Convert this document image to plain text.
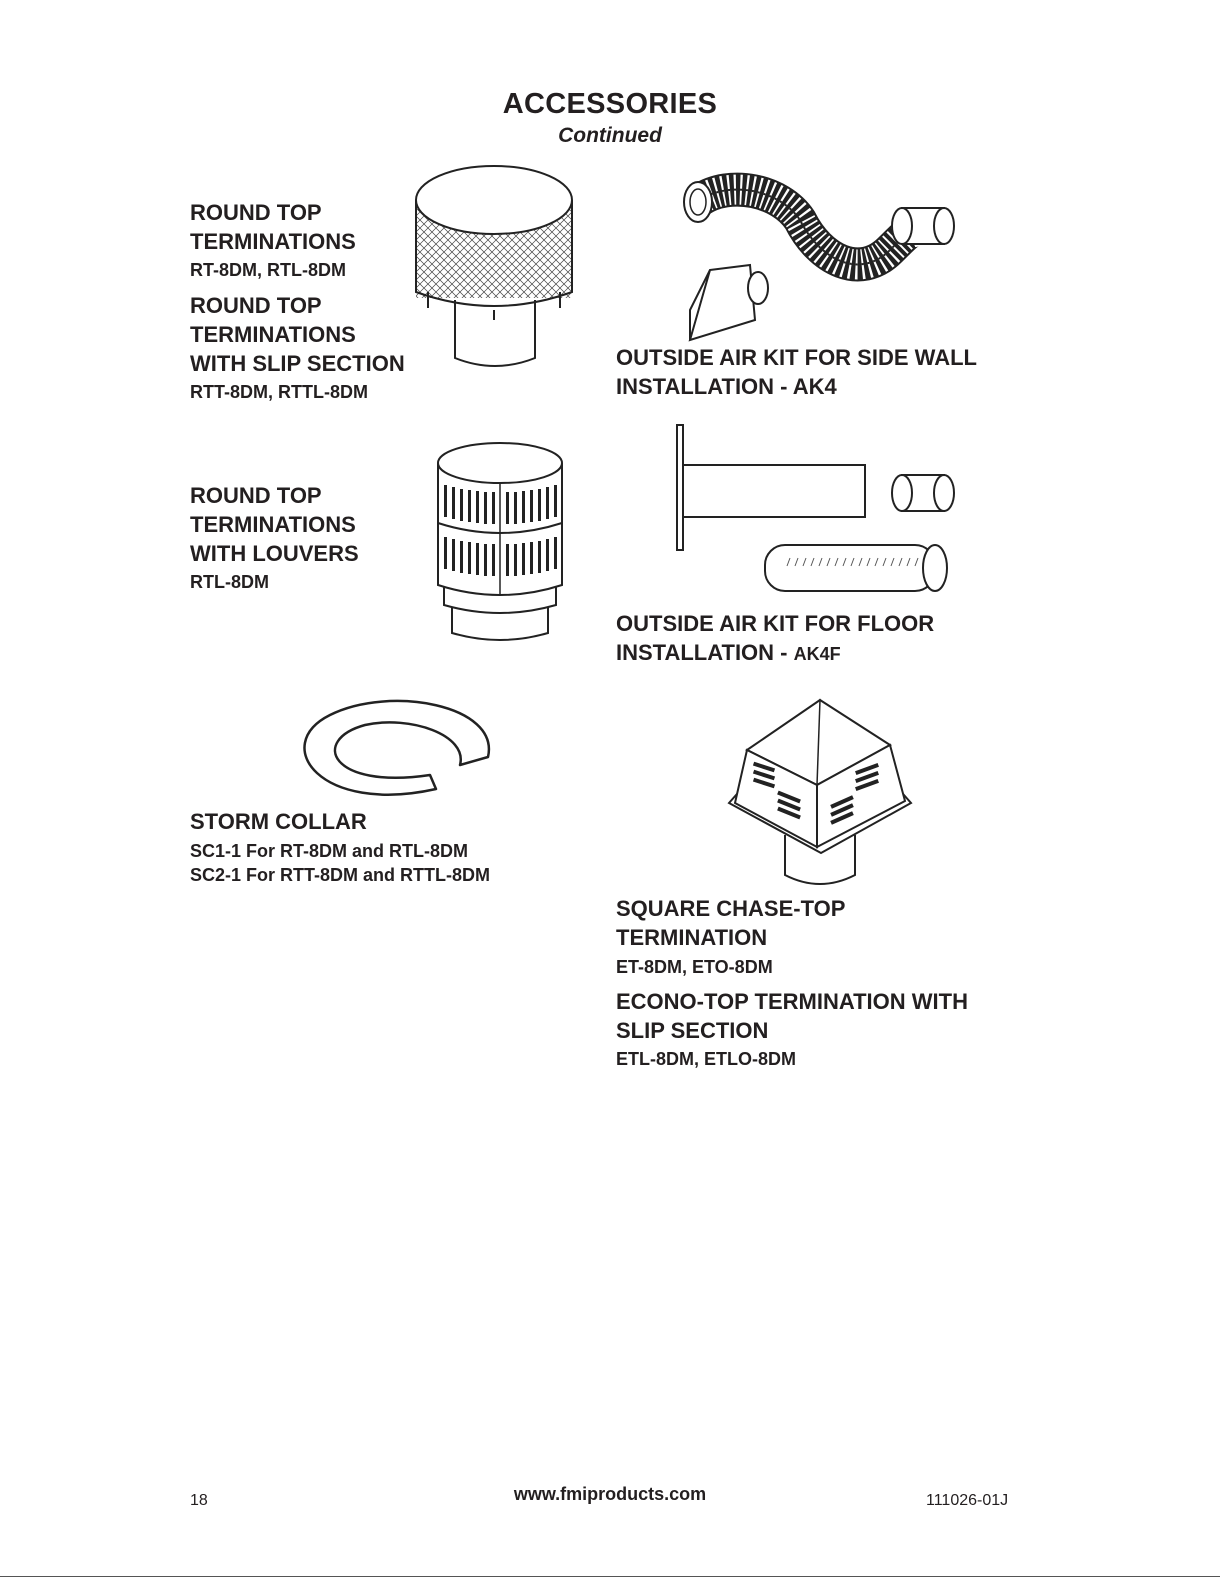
ACCESSORIES
Continued
ROUND TOP
TERMINATIONS
RT-8DM, RTL-8DM
ROUND TOP
TERMINATIONS
WITH SLIP SECTION
RTT-8DM, RTTL-8DM
OUTSIDE AIR KIT FOR SIDE WALL
INSTALLATION - AK4
ROUND TOP
TERMINATIONS
WITH LOUVERS
RTL-8DM
OUTSIDE AIR KIT FOR FLOOR
INSTALLATION - AK4F
STORM COLLAR
SC1-1 For RT-8DM and RTL-8DM
SC2-1 For RTT-8DM and RTTL-8DM
SQUARE CHASE-TOP
TERMINATION
ET-8DM, ETO-8DM
ECONO-TOP TERMINATION WITH
SLIP SECTION
ETL-8DM, ETLO-8DM
18	www.fmiproducts.com	111026-01J
